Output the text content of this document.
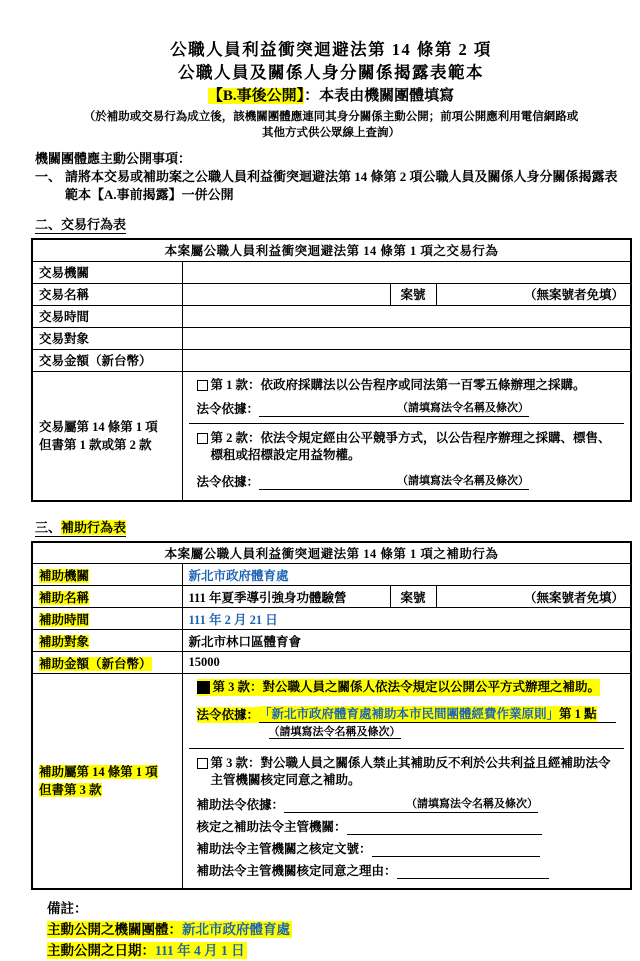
公職人員利益衝突迴避法第 14 條第 2 項
公職人員及關係人身分關係揭露表範本
【B.事後公開】：本表由機關團體填寫
（於補助或交易行為成立後，該機關團體應連同其身分關係主動公開；前項公開應利用電信網路或
其他方式供公眾線上查詢）
機關團體應主動公開事項：
一、 請將本交易或補助案之公職人員利益衝突迴避法第 14 條第 2 項公職人員及關係人身分關係揭露表範本【A.事前揭露】一併公開
二、交易行為表
本案屬公職人員利益衝突迴避法第 14 條第 1 項之交易行為			
交易機關			
交易名稱		案號	（無案號者免填）
交易時間			
交易對象			
交易金額（新台幣）			

交易屬第 14 條第 1 項
但書第 1 款或第 2 款

第 1 款：依政府採購法以公告程序或同法第一百零五條辦理之採購。
法令依據：	（請填寫法令名稱及條次）
第 2 款：依法令規定經由公平競爭方式，以公告程序辦理之採購、標售、標租或招標設定用益物權。
法令依據：	（請填寫法令名稱及條次）
三、補助行為表
本案屬公職人員利益衝突迴避法第 14 條第 1 項之補助行為			
補助機關	新北市政府體育處		
補助名稱	111 年夏季導引強身功體驗營	案號	（無案號者免填）
補助時間	111 年 2 月 21 日		
補助對象	新北市林口區體育會		
補助金額（新台幣）	15000		

補助屬第 14 條第 1 項
但書第 3 款

第 3 款：對公職人員之關係人依法令規定以公開公平方式辦理之補助。
法令依據： 「新北市政府體育處補助本市民間團體經費作業原則」第 1 點
（請填寫法令名稱及條次）
第 3 款：對公職人員之關係人禁止其補助反不利於公共利益且經補助法令主管機關核定同意之補助。
補助法令依據：	（請填寫法令名稱及條次）
核定之補助法令主管機關：
補助法令主管機關之核定文號：
補助法令主管機關核定同意之理由：
備註：
主動公開之機關團體：新北市政府體育處
主動公開之日期：111 年 4 月 1 日
